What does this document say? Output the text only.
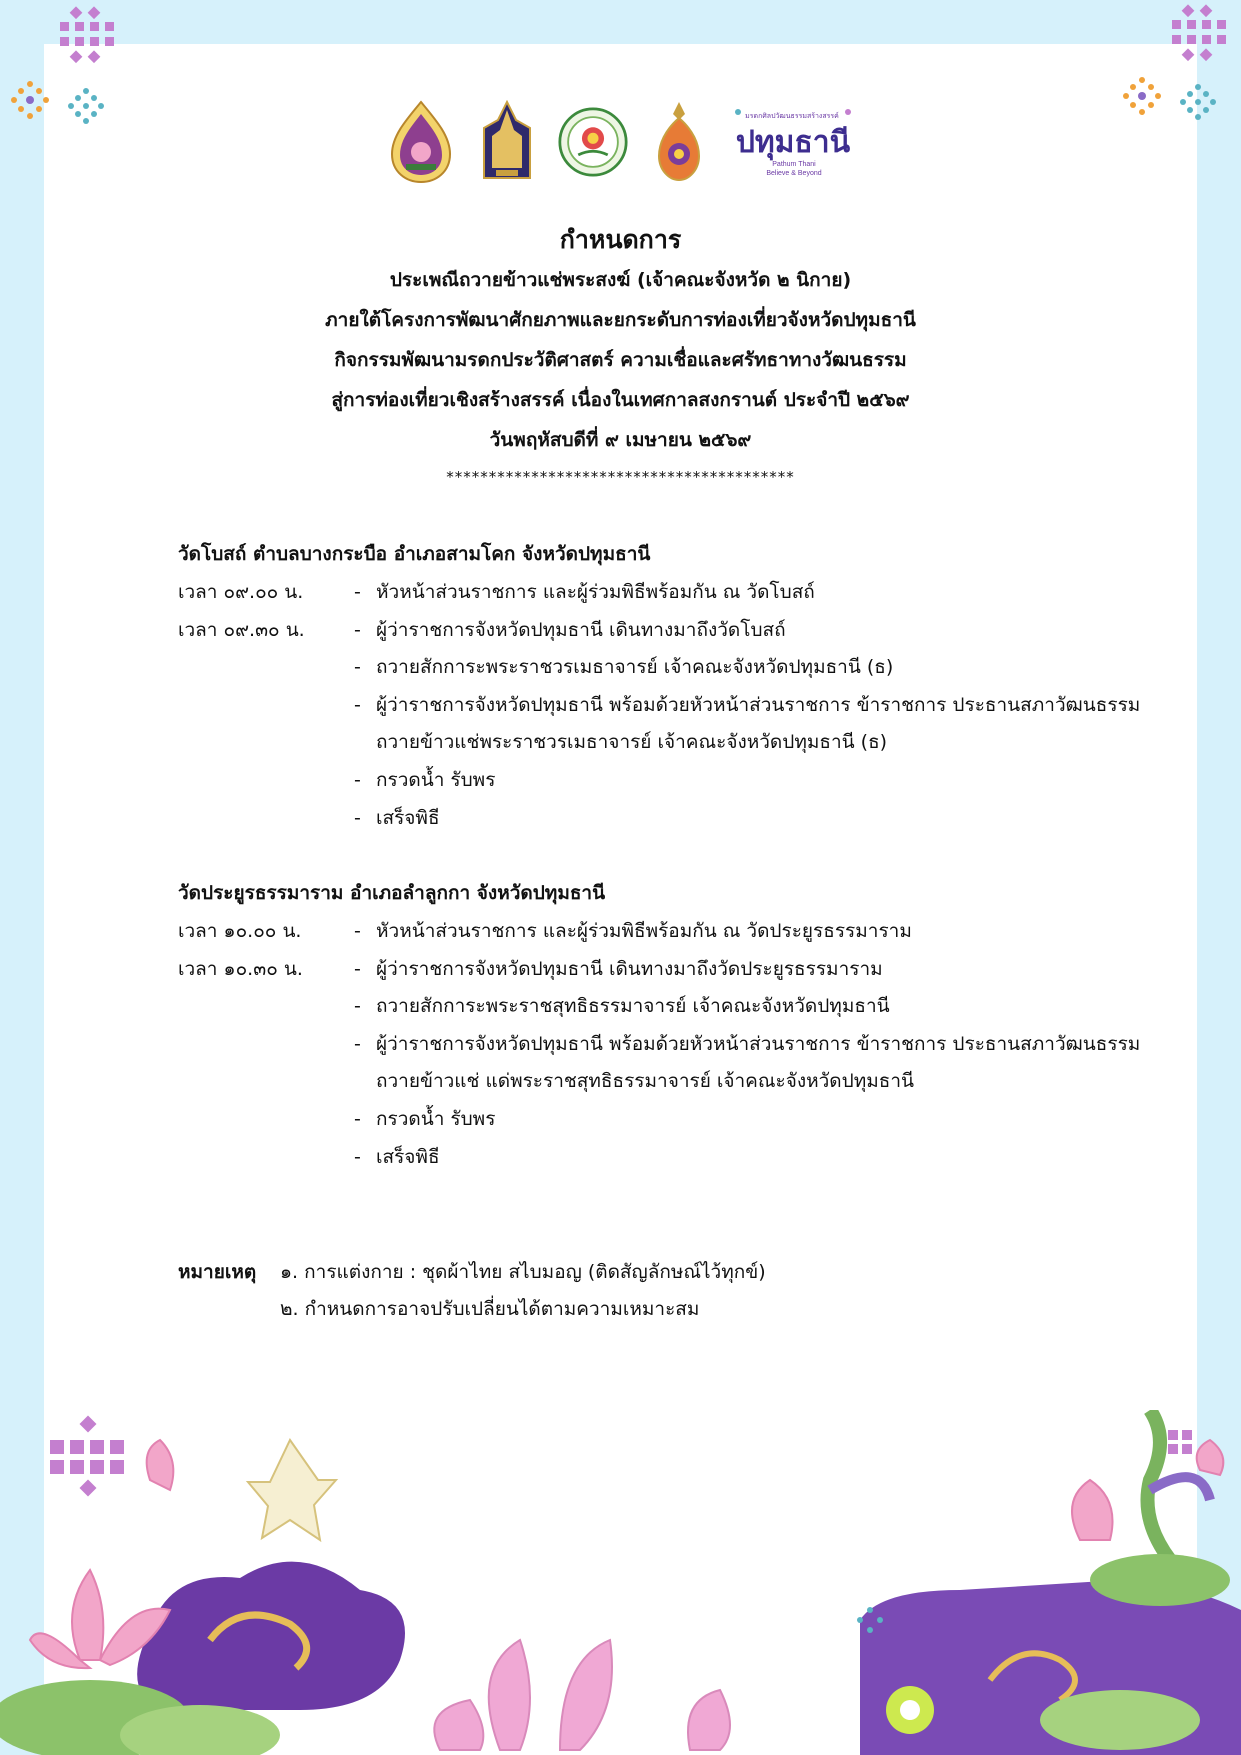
มรดกศิลปวัฒนธรรมสร้างสรรค์
ปทุมธานี
Pathum Thani
Believe & Beyond
กำหนดการ
ประเพณีถวายข้าวแช่พระสงฆ์ (เจ้าคณะจังหวัด ๒ นิกาย)
ภายใต้โครงการพัฒนาศักยภาพและยกระดับการท่องเที่ยวจังหวัดปทุมธานี
กิจกรรมพัฒนามรดกประวัติศาสตร์ ความเชื่อและศรัทธาทางวัฒนธรรม
สู่การท่องเที่ยวเชิงสร้างสรรค์ เนื่องในเทศกาลสงกรานต์ ประจำปี ๒๕๖๙
วันพฤหัสบดีที่ ๙ เมษายน ๒๕๖๙
*****************************************
วัดโบสถ์ ตำบลบางกระบือ อำเภอสามโคก จังหวัดปทุมธานี
เวลา ๐๙.๐๐ น.	- หัวหน้าส่วนราชการ และผู้ร่วมพิธีพร้อมกัน ณ วัดโบสถ์
เวลา ๐๙.๓๐ น.	- ผู้ว่าราชการจังหวัดปทุมธานี เดินทางมาถึงวัดโบสถ์
- ถวายสักการะพระราชวรเมธาจารย์ เจ้าคณะจังหวัดปทุมธานี (ธ)
- ผู้ว่าราชการจังหวัดปทุมธานี พร้อมด้วยหัวหน้าส่วนราชการ ข้าราชการ ประธานสภาวัฒนธรรม
ถวายข้าวแช่พระราชวรเมธาจารย์ เจ้าคณะจังหวัดปทุมธานี (ธ)
- กรวดน้ำ รับพร
- เสร็จพิธี
วัดประยูรธรรมาราม อำเภอลำลูกกา จังหวัดปทุมธานี
เวลา ๑๐.๐๐ น.	- หัวหน้าส่วนราชการ และผู้ร่วมพิธีพร้อมกัน ณ วัดประยูรธรรมาราม
เวลา ๑๐.๓๐ น.	- ผู้ว่าราชการจังหวัดปทุมธานี เดินทางมาถึงวัดประยูรธรรมาราม
- ถวายสักการะพระราชสุทธิธรรมาจารย์ เจ้าคณะจังหวัดปทุมธานี
- ผู้ว่าราชการจังหวัดปทุมธานี พร้อมด้วยหัวหน้าส่วนราชการ ข้าราชการ ประธานสภาวัฒนธรรม
ถวายข้าวแช่ แด่พระราชสุทธิธรรมาจารย์ เจ้าคณะจังหวัดปทุมธานี
- กรวดน้ำ รับพร
- เสร็จพิธี
หมายเหตุ	๑. การแต่งกาย : ชุดผ้าไทย สไบมอญ (ติดสัญลักษณ์ไว้ทุกข์)
๒. กำหนดการอาจปรับเปลี่ยนได้ตามความเหมาะสม
